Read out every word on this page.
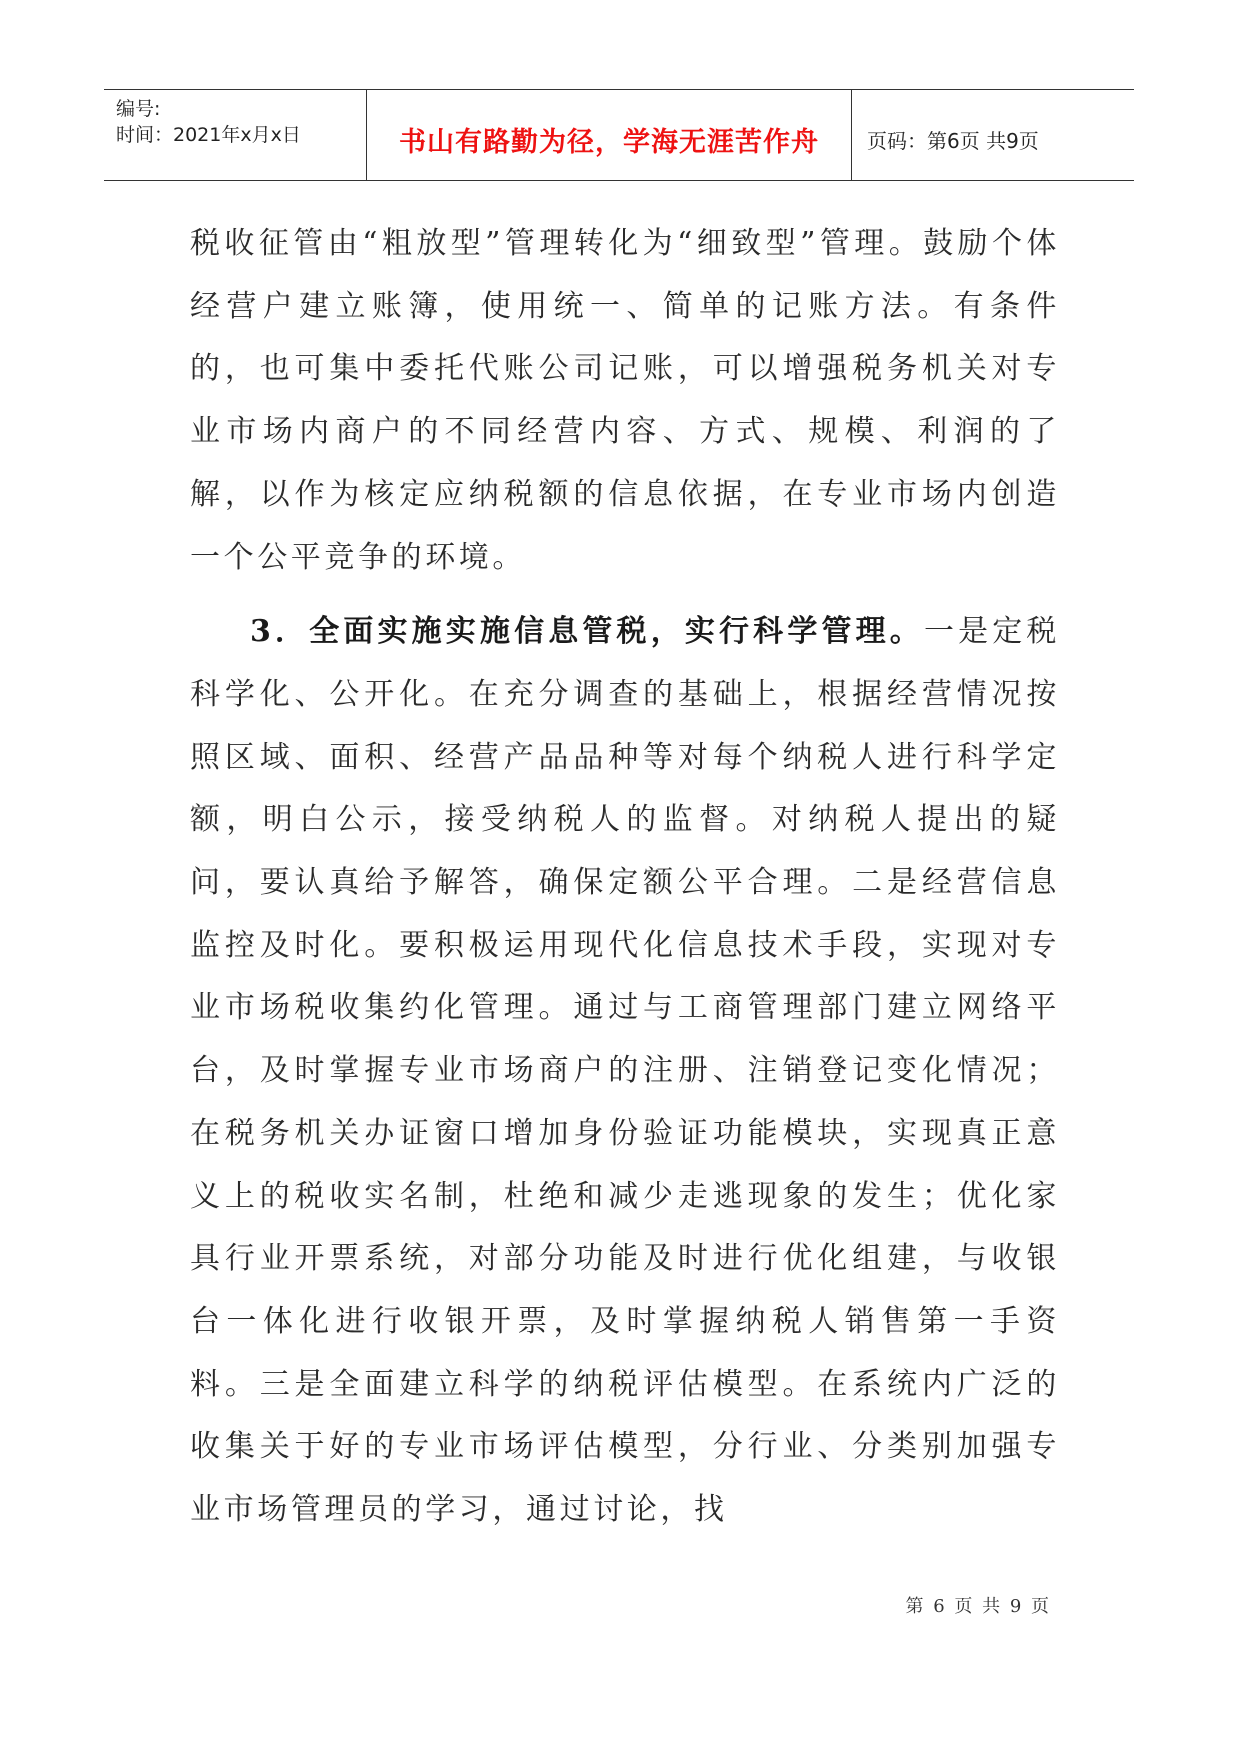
编号:
时间：2021年x月x日	书山有路勤为径，学海无涯苦作舟 页码：第6页 共9页

税收征管由“粗放型”管理转化为“细致型”管理。鼓励个体经营户建立账簿，使用统一、简单的记账方法。有条件的，也可集中委托代账公司记账，可以增强税务机关对专业市场内商户的不同经营内容、方式、规模、利润的了解，以作为核定应纳税额的信息依据，在专业市场内创造一个公平竞争的环境。

3．全面实施实施信息管税，实行科学管理。一是定税科学化、公开化。在充分调查的基础上，根据经营情况按照区域、面积、经营产品品种等对每个纳税人进行科学定额，明白公示，接受纳税人的监督。对纳税人提出的疑问，要认真给予解答，确保定额公平合理。二是经营信息监控及时化。要积极运用现代化信息技术手段，实现对专业市场税收集约化管理。通过与工商管理部门建立网络平台，及时掌握专业市场商户的注册、注销登记变化情况；在税务机关办证窗口增加身份验证功能模块，实现真正意义上的税收实名制，杜绝和减少走逃现象的发生；优化家具行业开票系统，对部分功能及时进行优化组建，与收银台一体化进行收银开票，及时掌握纳税人销售第一手资料。三是全面建立科学的纳税评估模型。在系统内广泛的收集关于好的专业市场评估模型，分行业、分类别加强专业市场管理员的学习，通过讨论，找

第 6 页 共 9 页
